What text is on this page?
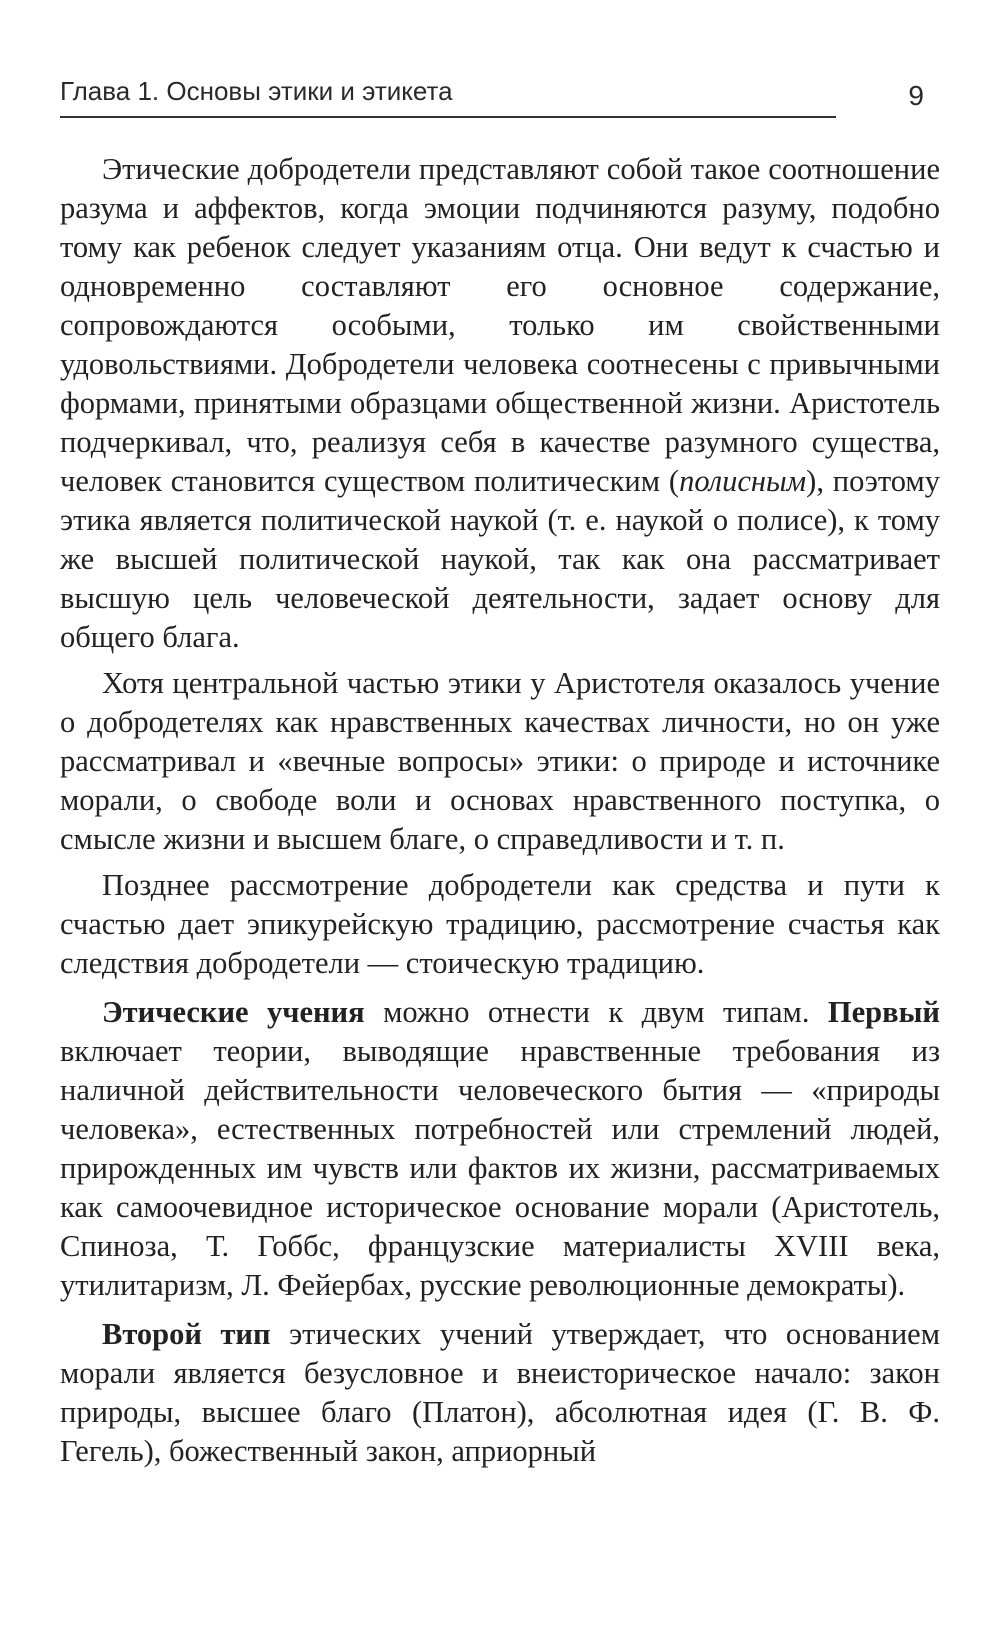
Глава 1. Основы этики и этикета	9

Этические добродетели представляют собой такое соотношение разума и аффектов, когда эмоции подчиняются разуму, подобно тому как ребенок следует указаниям отца. Они ведут к счастью и одновременно составляют его основное содержание, сопровождаются особыми, только им свойственными удовольствиями. Добродетели человека соотнесены с привычными формами, принятыми образцами общественной жизни. Аристотель подчеркивал, что, реализуя себя в качестве разумного существа, человек становится существом политическим (полисным), поэтому этика является политической наукой (т. е. наукой о полисе), к тому же высшей политической наукой, так как она рассматривает высшую цель человеческой деятельности, задает основу для общего блага.

Хотя центральной частью этики у Аристотеля оказалось учение о добродетелях как нравственных качествах личности, но он уже рассматривал и «вечные вопросы» этики: о природе и источнике морали, о свободе воли и основах нравственного поступка, о смысле жизни и высшем благе, о справедливости и т. п.

Позднее рассмотрение добродетели как средства и пути к счастью дает эпикурейскую традицию, рассмотрение счастья как следствия добродетели — стоическую традицию.

Этические учения можно отнести к двум типам. Первый включает теории, выводящие нравственные требования из наличной действительности человеческого бытия — «природы человека», естественных потребностей или стремлений людей, прирожденных им чувств или фактов их жизни, рассматриваемых как самоочевидное историческое основание морали (Аристотель, Спиноза, Т. Гоббс, французские материалисты XVIII века, утилитаризм, Л. Фейербах, русские революционные демократы).

Второй тип этических учений утверждает, что основанием морали является безусловное и внеисторическое начало: закон природы, высшее благо (Платон), абсолютная идея (Г. В. Ф. Гегель), божественный закон, априорный
